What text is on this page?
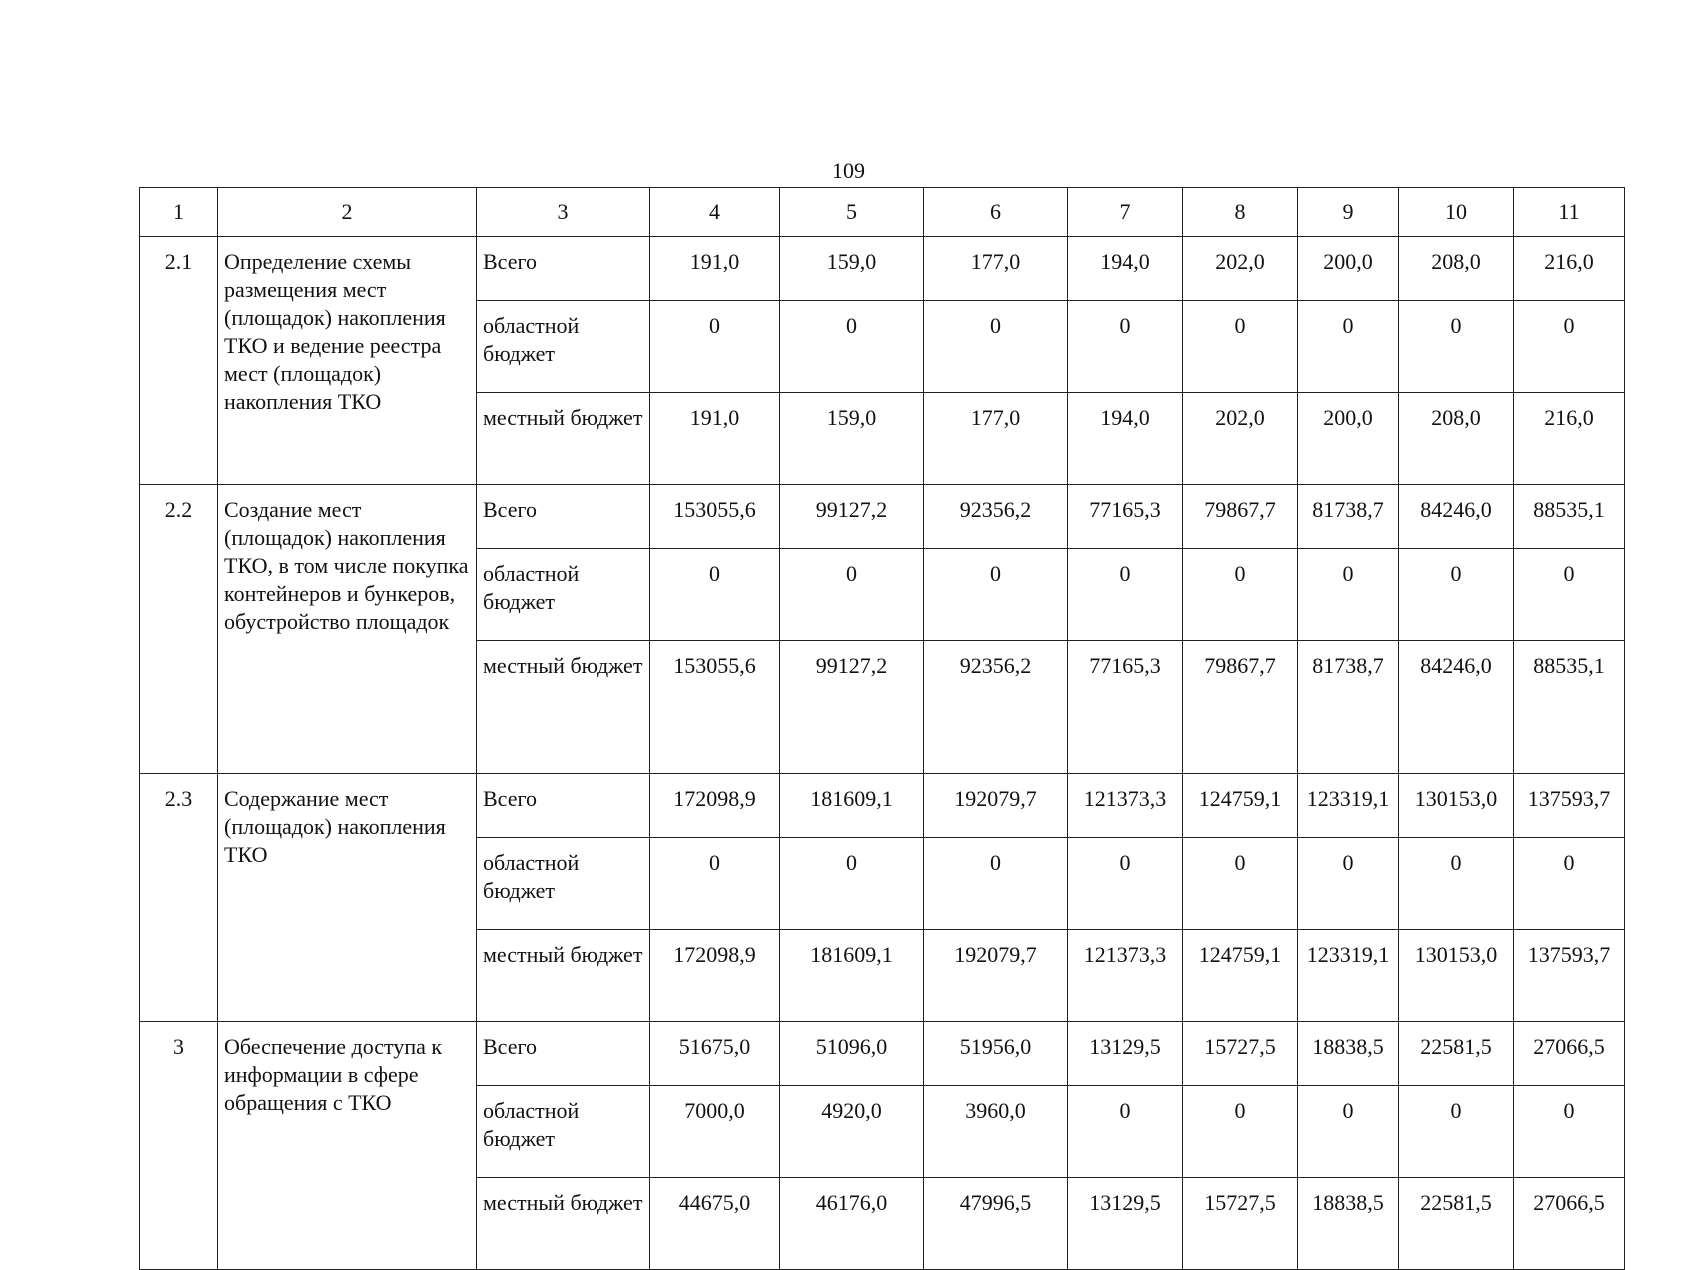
109
1	2	3	4	5	6	7	8	9	10	11
2.1	Определение схемы размещения мест (площадок) накопления ТКО и ведение реестра мест (площадок) накопления ТКО	Всего	191,0	159,0	177,0	194,0	202,0	200,0	208,0	216,0
		областной бюджет	0	0	0	0	0	0	0	0
		местный бюджет	191,0	159,0	177,0	194,0	202,0	200,0	208,0	216,0
2.2	Создание мест (площадок) накопления ТКО, в том числе покупка контейнеров и бункеров, обустройство площадок	Всего	153055,6	99127,2	92356,2	77165,3	79867,7	81738,7	84246,0	88535,1
		областной бюджет	0	0	0	0	0	0	0	0
		местный бюджет	153055,6	99127,2	92356,2	77165,3	79867,7	81738,7	84246,0	88535,1
2.3	Содержание мест (площадок) накопления ТКО	Всего	172098,9	181609,1	192079,7	121373,3	124759,1	123319,1	130153,0	137593,7
		областной бюджет	0	0	0	0	0	0	0	0
		местный бюджет	172098,9	181609,1	192079,7	121373,3	124759,1	123319,1	130153,0	137593,7
3	Обеспечение доступа к информации в сфере обращения с ТКО	Всего	51675,0	51096,0	51956,0	13129,5	15727,5	18838,5	22581,5	27066,5
		областной бюджет	7000,0	4920,0	3960,0	0	0	0	0	0
		местный бюджет	44675,0	46176,0	47996,5	13129,5	15727,5	18838,5	22581,5	27066,5
